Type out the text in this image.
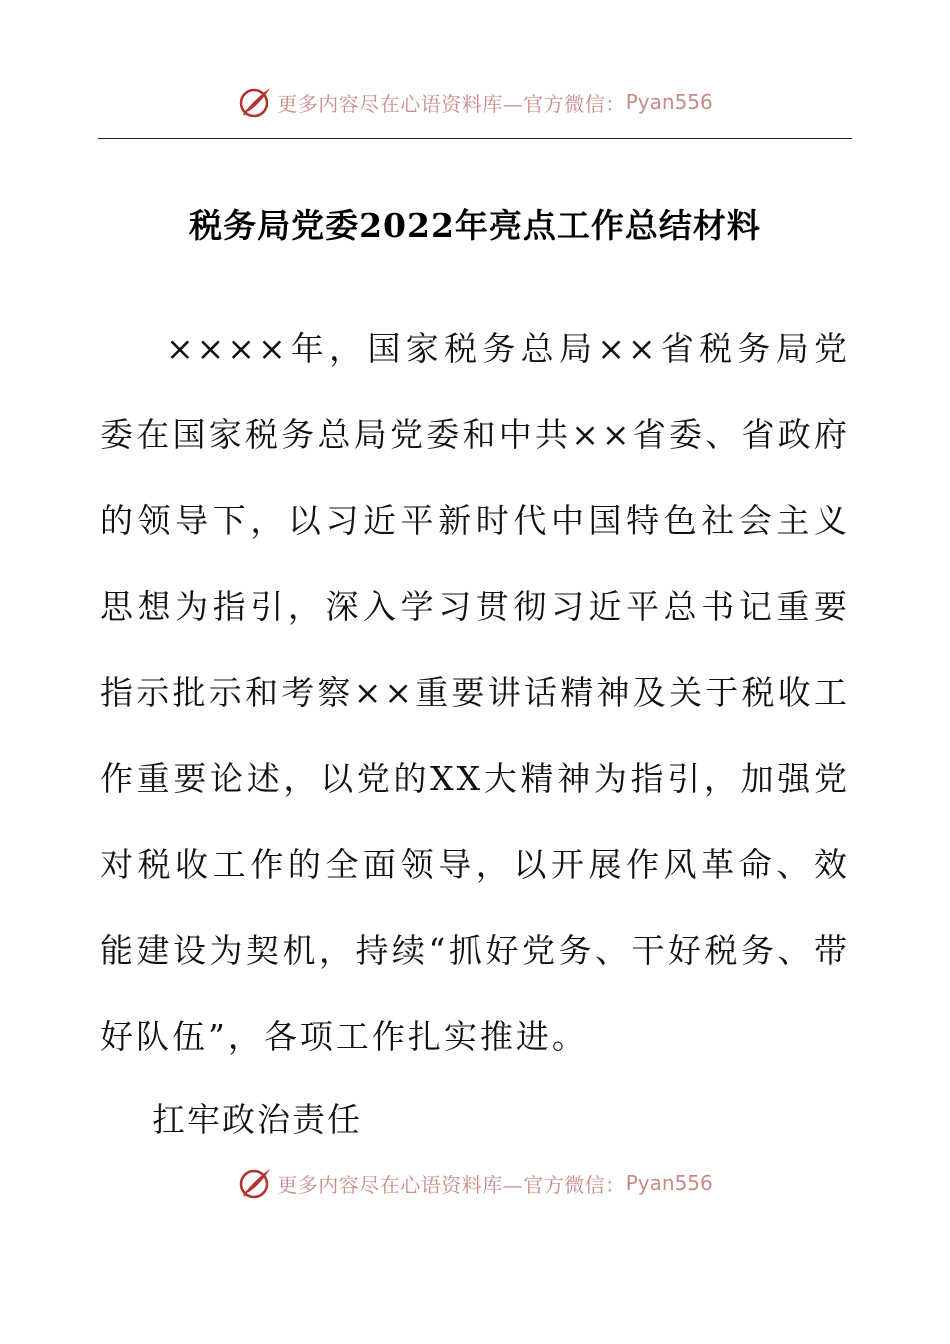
更多内容尽在心语资料库—官方微信： Pyan556
税务局党委2022年亮点工作总结材料

××××年，国家税务总局××省税务局党委在国家税务总局党委和中共××省委、省政府的领导下，以习近平新时代中国特色社会主义思想为指引，深入学习贯彻习近平总书记重要指示批示和考察××重要讲话精神及关于税收工作重要论述，以党的XX大精神为指引，加强党对税收工作的全面领导，以开展作风革命、效能建设为契机，持续“抓好党务、干好税务、带好队伍”，各项工作扎实推进。

扛牢政治责任
更多内容尽在心语资料库—官方微信： Pyan556
